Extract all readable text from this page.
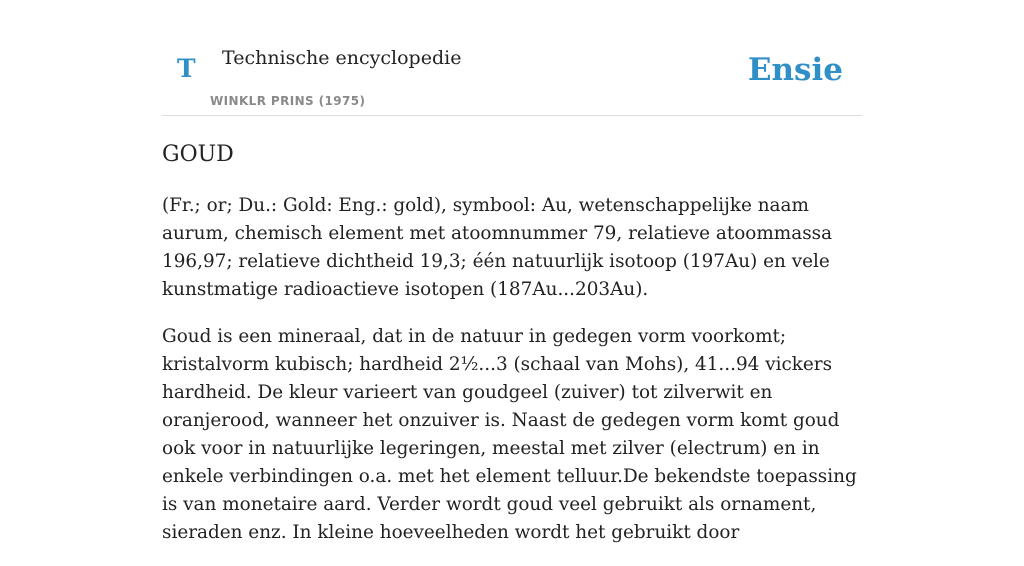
T Technische encyclopedie
WINKLR PRINS (1975)
Ensie
GOUD

(Fr.; or; Du.: Gold: Eng.: gold), symbool: Au, wetenschappelijke naam aurum, chemisch element met atoomnummer 79, relatieve atoommassa 196,97; relatieve dichtheid 19,3; één natuurlijk isotoop (197Au) en vele kunstmatige radioactieve isotopen (187Au...203Au).

Goud is een mineraal, dat in de natuur in gedegen vorm voorkomt; kristalvorm kubisch; hardheid 2½...3 (schaal van Mohs), 41...94 vickers hardheid. De kleur varieert van goudgeel (zuiver) tot zilverwit en oranjerood, wanneer het onzuiver is. Naast de gedegen vorm komt goud ook voor in natuurlijke legeringen, meestal met zilver (electrum) en in enkele verbindingen o.a. met het element telluur.De bekendste toepassing is van monetaire aard. Verder wordt goud veel gebruikt als ornament, sieraden enz. In kleine hoeveelheden wordt het gebruikt door
